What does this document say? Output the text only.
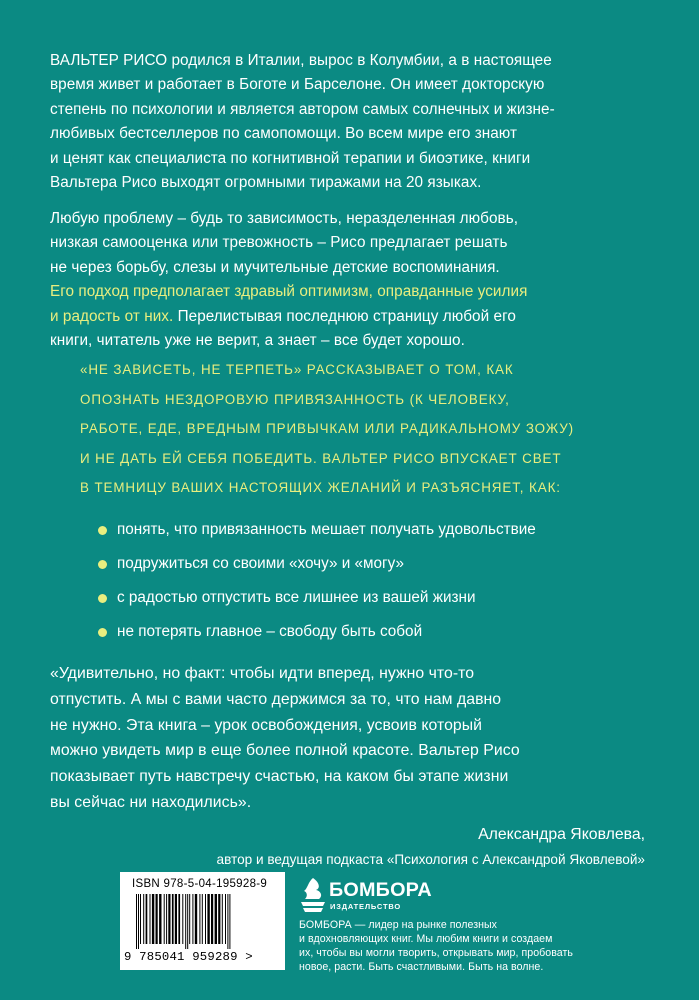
ВАЛЬТЕР РИСО родился в Италии, вырос в Колумбии, а в настоящее
время живет и работает в Боготе и Барселоне. Он имеет докторскую
степень по психологии и является автором самых солнечных и жизне-
любивых бестселлеров по самопомощи. Во всем мире его знают
и ценят как специалиста по когнитивной терапии и биоэтике, книги
Вальтера Рисо выходят огромными тиражами на 20 языках.
Любую проблему – будь то зависимость, неразделенная любовь,
низкая самооценка или тревожность – Рисо предлагает решать
не через борьбу, слезы и мучительные детские воспоминания.
Его подход предполагает здравый оптимизм, оправданные усилия
и радость от них. Перелистывая последнюю страницу любой его
книги, читатель уже не верит, а знает – все будет хорошо.
«НЕ ЗАВИСЕТЬ, НЕ ТЕРПЕТЬ» РАССКАЗЫВАЕТ О ТОМ, КАК
ОПОЗНАТЬ НЕЗДОРОВУЮ ПРИВЯЗАННОСТЬ (К ЧЕЛОВЕКУ,
РАБОТЕ, ЕДЕ, ВРЕДНЫМ ПРИВЫЧКАМ ИЛИ РАДИКАЛЬНОМУ ЗОЖУ)
И НЕ ДАТЬ ЕЙ СЕБЯ ПОБЕДИТЬ. ВАЛЬТЕР РИСО ВПУСКАЕТ СВЕТ
В ТЕМНИЦУ ВАШИХ НАСТОЯЩИХ ЖЕЛАНИЙ И РАЗЪЯСНЯЕТ, КАК:
понять, что привязанность мешает получать удовольствие
подружиться со своими «хочу» и «могу»
с радостью отпустить все лишнее из вашей жизни
не потерять главное – свободу быть собой
«Удивительно, но факт: чтобы идти вперед, нужно что-то
отпустить. А мы с вами часто держимся за то, что нам давно
не нужно. Эта книга – урок освобождения, усвоив который
можно увидеть мир в еще более полной красоте. Вальтер Рисо
показывает путь навстречу счастью, на каком бы этапе жизни
вы сейчас ни находились».
Александра Яковлева,
автор и ведущая подкаста «Психология с Александрой Яковлевой»
ISBN 978-5-04-195928-9
9 785041 959289 >
БОМБОРА
ИЗДАТЕЛЬСТВО
БОМБОРА — лидер на рынке полезных
и вдохновляющих книг. Мы любим книги и создаем
их, чтобы вы могли творить, открывать мир, пробовать
новое, расти. Быть счастливыми. Быть на волне.
